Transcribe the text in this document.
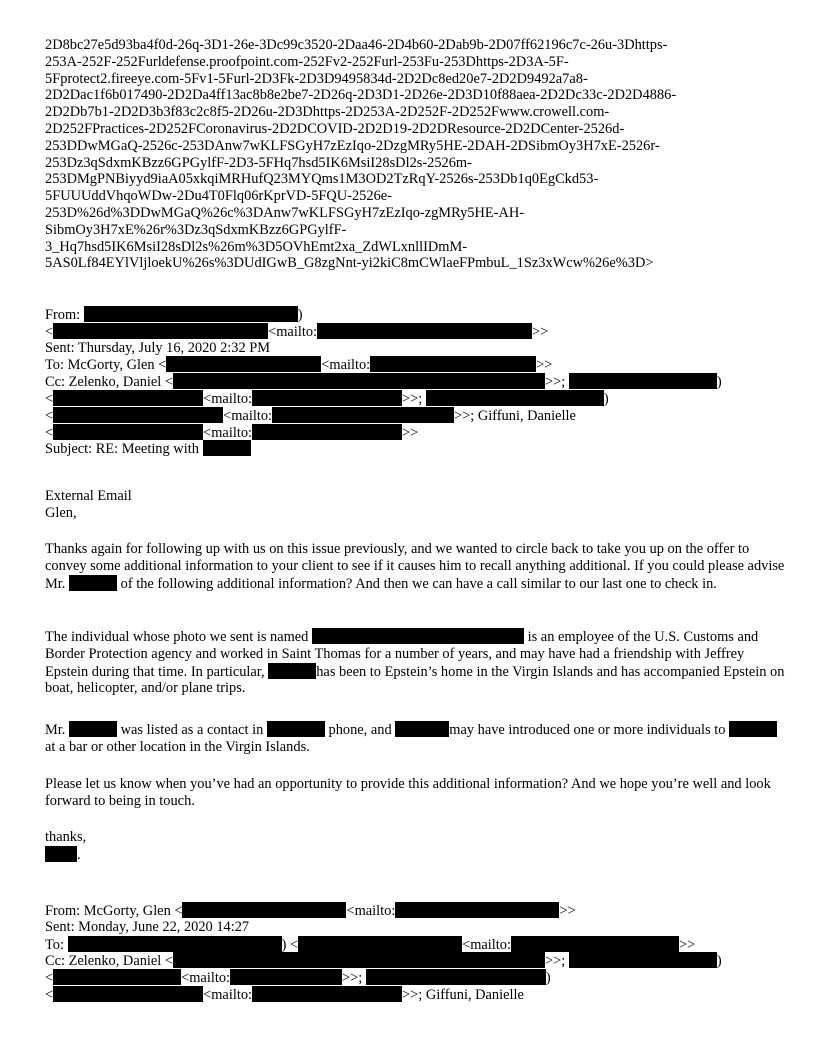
2D8bc27e5d93ba4f0d-26q-3D1-26e-3Dc99c3520-2Daa46-2D4b60-2Dab9b-2D07ff62196c7c-26u-3Dhttps-
253A-252F-252Furldefense.proofpoint.com-252Fv2-252Furl-253Fu-253Dhttps-2D3A-5F-
5Fprotect2.fireeye.com-5Fv1-5Furl-2D3Fk-2D3D9495834d-2D2Dc8ed20e7-2D2D9492a7a8-
2D2Dac1f6b017490-2D2Da4ff13ac8b8e2be7-2D26q-2D3D1-2D26e-2D3D10f88aea-2D2Dc33c-2D2D4886-
2D2Db7b1-2D2D3b3f83c2c8f5-2D26u-2D3Dhttps-2D253A-2D252F-2D252Fwww.crowell.com-
2D252FPractices-2D252FCoronavirus-2D2DCOVID-2D2D19-2D2DResource-2D2DCenter-2526d-
253DDwMGaQ-2526c-253DAnw7wKLFSGyH7zEzIqo-2DzgMRy5HE-2DAH-2DSibmOy3H7xE-2526r-
253Dz3qSdxmKBzz6GPGylfF-2D3-5FHq7hsd5IK6MsiI28sDl2s-2526m-
253DMgPNBiyyd9iaA05xkqiMRHufQ23MYQms1M3OD2TzRqY-2526s-253Db1q0EgCkd53-
5FUUUddVhqoWDw-2Du4T0Flq06rKprVD-5FQU-2526e-
253D%26d%3DDwMGaQ%26c%3DAnw7wKLFSGyH7zEzIqo-zgMRy5HE-AH-
SibmOy3H7xE%26r%3Dz3qSdxmKBzz6GPGylfF-
3_Hq7hsd5IK6MsiI28sDl2s%26m%3D5OVhEmt2xa_ZdWLxnllIDmM-
5AS0Lf84EYlVljloekU%26s%3DUdIGwB_G8zgNnt-yi2kiC8mCWlaeFPmbuL_1Sz3xWcw%26e%3D>
From:	)
<	<mailto:	>>
Sent: Thursday, July 16, 2020 2:32 PM
To: McGorty, Glen <	<mailto:	>>
Cc: Zelenko, Daniel <	>>;	)
<	<mailto:	>>;	)
<	<mailto:	>>; Giffuni, Danielle
<	<mailto:	>>
Subject: RE: Meeting with
External Email
Glen,

Thanks again for following up with us on this issue previously, and we wanted to circle back to take you up on the offer to convey some additional information to your client to see if it causes him to recall anything additional. If you could please advise Mr.	of the following additional information? And then we can have a call similar to our last one to check in.

The individual whose photo we sent is named	is an employee of the U.S. Customs and Border Protection agency and worked in Saint Thomas for a number of years, and may have had a friendship with Jeffrey Epstein during that time. In particular,	has been to Epstein’s home in the Virgin Islands and has accompanied Epstein on boat, helicopter, and/or plane trips.

Mr.	was listed as a contact in	phone, and	may have introduced one or more individuals to  at a bar or other location in the Virgin Islands.

Please let us know when you’ve had an opportunity to provide this additional information? And we hope you’re well and look forward to being in touch.

thanks,
.
From: McGorty, Glen <	<mailto:	>>
Sent: Monday, June 22, 2020 14:27
To:	) <	<mailto:	>>
Cc: Zelenko, Daniel <	>>;	)
<	<mailto:	>>;	)
<	<mailto:	>>; Giffuni, Danielle
